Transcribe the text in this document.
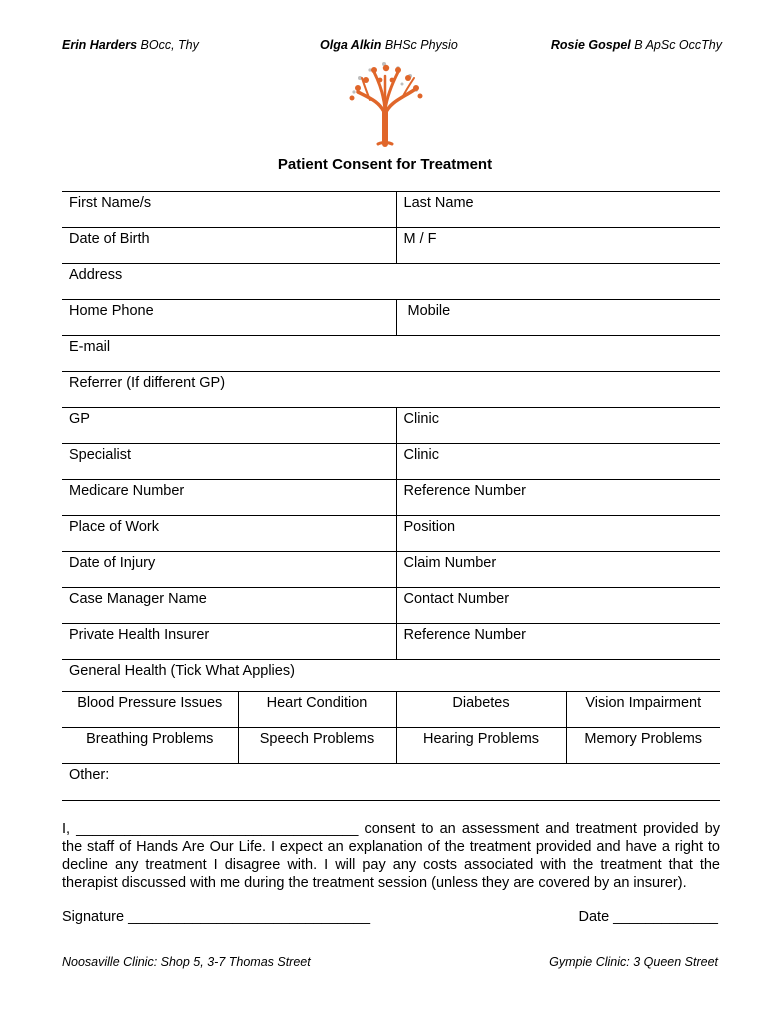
Erin Harders BOcc, Thy	Olga Alkin BHSc Physio	Rosie Gospel B ApSc OccThy
Patient Consent for Treatment
First Name/s	Last Name
Date of Birth	M / F
Address	
Home Phone	Mobile
E-mail	
Referrer (If different GP)	
GP	Clinic
Specialist	Clinic
Medicare Number	Reference Number
Place of Work	Position
Date of Injury	Claim Number
Case Manager Name	Contact Number
Private Health Insurer	Reference Number
General Health (Tick What Applies)	
Blood Pressure Issues	Heart Condition	Diabetes	Vision Impairment
Breathing Problems	Speech Problems	Hearing Problems	Memory Problems
Other:
I, ___________________________________ consent to an assessment and treatment provided by the staff of Hands Are Our Life. I expect an explanation of the treatment provided and have a right to decline any treatment I disagree with. I will pay any costs associated with the treatment that the therapist discussed with me during the treatment session (unless they are covered by an insurer).
Signature ______________________________	Date _____________
Noosaville Clinic: Shop 5, 3-7 Thomas Street	Gympie Clinic: 3 Queen Street
